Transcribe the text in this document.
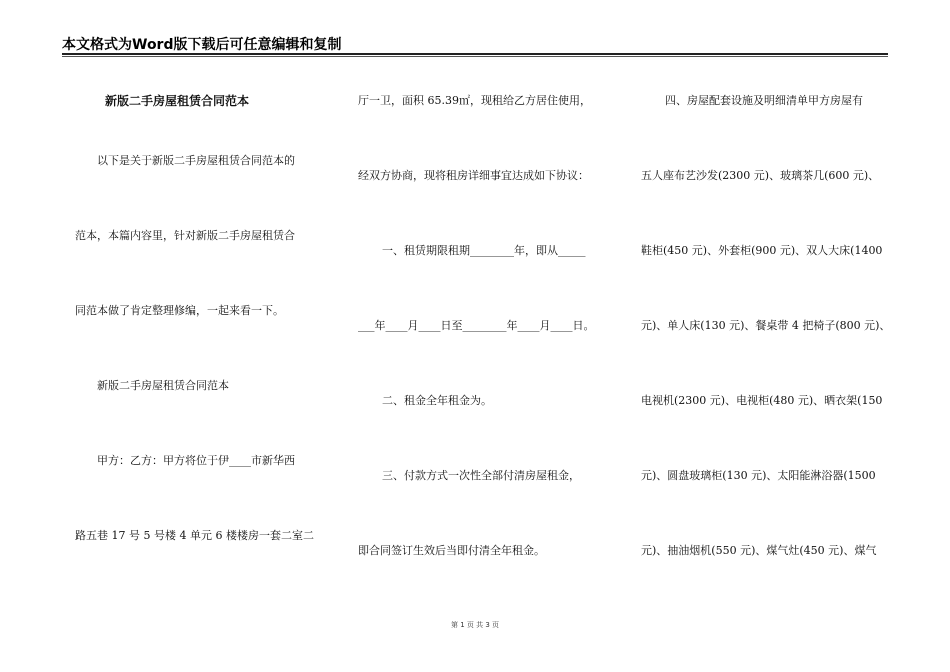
本文格式为Word版下载后可任意编辑和复制
新版二手房屋租赁合同范本
以下是关于新版二手房屋租赁合同范本的
范本，本篇内容里，针对新版二手房屋租赁合
同范本做了肯定整理修编，一起来看一下。
新版二手房屋租赁合同范本
甲方：乙方：甲方将位于伊____市新华西
路五巷 17 号 5 号楼 4 单元 6 楼楼房一套二室二
厅一卫，面积 65.39㎡，现租给乙方居住使用，
经双方协商，现将租房详细事宜达成如下协议：
一、租赁期限租期________年，即从_____
___年____月____日至________年____月____日。
二、租金全年租金为。
三、付款方式一次性全部付清房屋租金，
即合同签订生效后当即付清全年租金。
四、房屋配套设施及明细清单甲方房屋有
五人座布艺沙发(2300 元)、玻璃茶几(600 元)、
鞋柜(450 元)、外套柜(900 元)、双人大床(1400
元)、单人床(130 元)、餐桌带 4 把椅子(800 元)、
电视机(2300 元)、电视柜(480 元)、晒衣架(150
元)、圆盘玻璃柜(130 元)、太阳能淋浴器(1500
元)、抽油烟机(550 元)、煤气灶(450 元)、煤气
第 1 页 共 3 页
